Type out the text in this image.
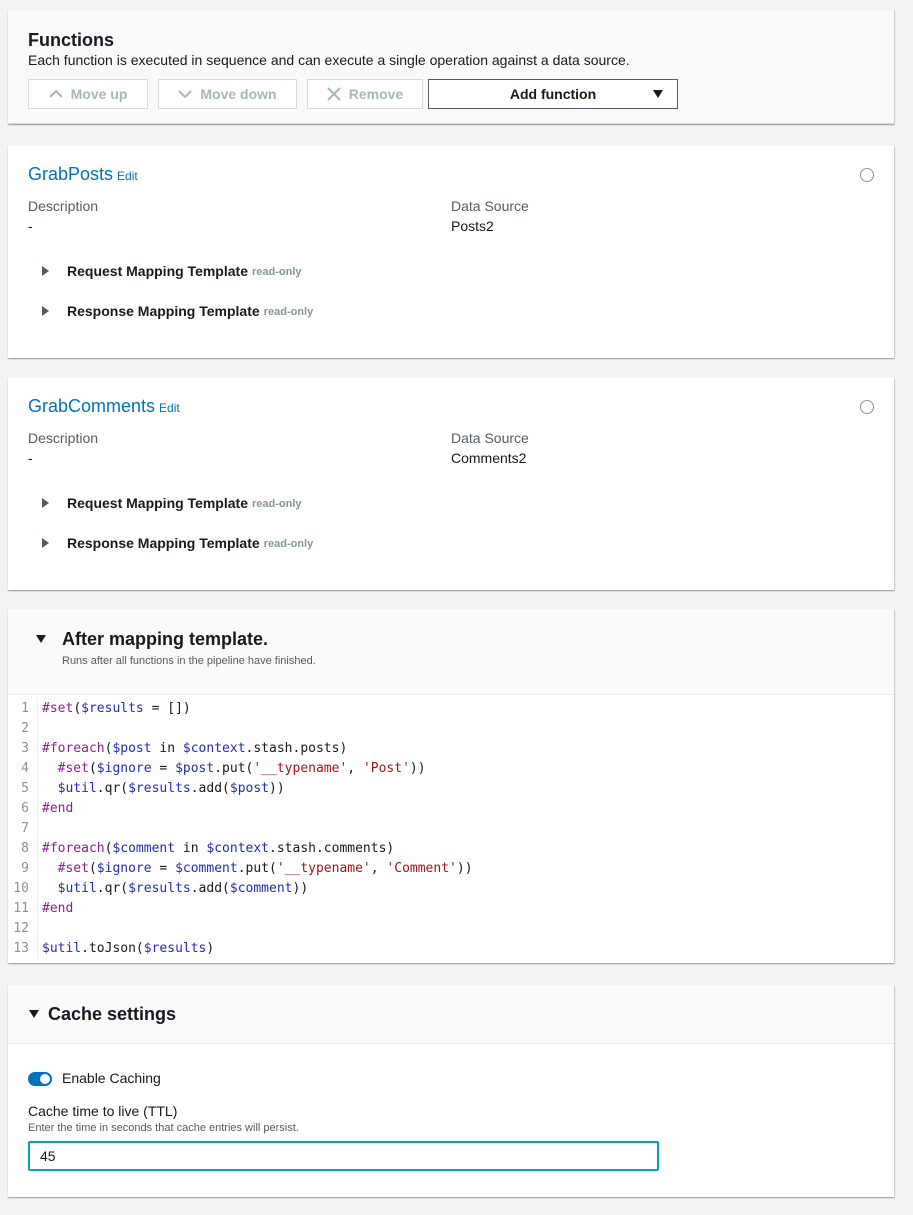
Functions
Each function is executed in sequence and can execute a single operation against a data source.
Move up	Move down	Remove	Add function
GrabPosts Edit
Description
-
Data Source
Posts2
Request Mapping Template read-only
Response Mapping Template read-only
GrabComments Edit
Description
-
Data Source
Comments2
Request Mapping Template read-only
Response Mapping Template read-only
After mapping template.
Runs after all functions in the pipeline have finished.
1	#set($results = [])
2
3	#foreach($post in $context.stash.posts)
4	#set($ignore = $post.put('__typename', 'Post'))
5	$util.qr($results.add($post))
6	#end
7
8	#foreach($comment in $context.stash.comments)
9	#set($ignore = $comment.put('__typename', 'Comment'))
10	$util.qr($results.add($comment))
11	#end
12
13	$util.toJson($results)
Cache settings
Enable Caching
Cache time to live (TTL)
Enter the time in seconds that cache entries will persist.
45
